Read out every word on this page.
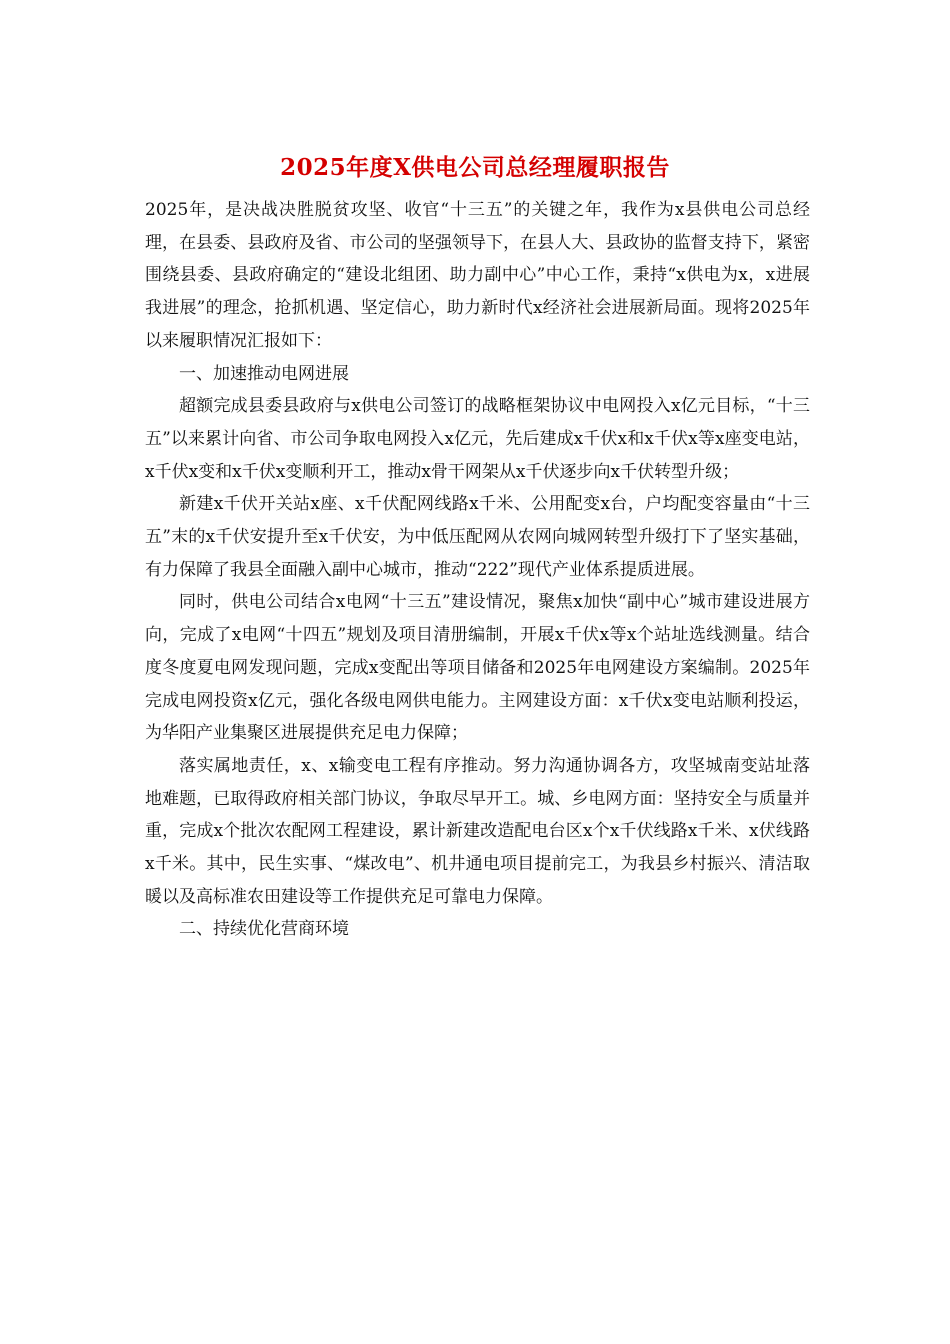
2025年度X供电公司总经理履职报告

2025年，是决战决胜脱贫攻坚、收官“十三五”的关键之年，我作为x县供电公司总经理，在县委、县政府及省、市公司的坚强领导下，在县人大、县政协的监督支持下，紧密围绕县委、县政府确定的“建设北组团、助力副中心”中心工作，秉持“x供电为x，x进展我进展”的理念，抢抓机遇、坚定信心，助力新时代x经济社会进展新局面。现将2025年以来履职情况汇报如下：

一、加速推动电网进展

超额完成县委县政府与x供电公司签订的战略框架协议中电网投入x亿元目标，“十三五”以来累计向省、市公司争取电网投入x亿元，先后建成x千伏x和x千伏x等x座变电站，x千伏x变和x千伏x变顺利开工，推动x骨干网架从x千伏逐步向x千伏转型升级；

新建x千伏开关站x座、x千伏配网线路x千米、公用配变x台，户均配变容量由“十三五”末的x千伏安提升至x千伏安，为中低压配网从农网向城网转型升级打下了坚实基础，有力保障了我县全面融入副中心城市，推动“222”现代产业体系提质进展。

同时，供电公司结合x电网“十三五”建设情况，聚焦x加快“副中心”城市建设进展方向，完成了x电网“十四五”规划及项目清册编制，开展x千伏x等x个站址选线测量。结合度冬度夏电网发现问题，完成x变配出等项目储备和2025年电网建设方案编制。2025年完成电网投资x亿元，强化各级电网供电能力。主网建设方面：x千伏x变电站顺利投运，为华阳产业集聚区进展提供充足电力保障；

落实属地责任，x、x输变电工程有序推动。努力沟通协调各方，攻坚城南变站址落地难题，已取得政府相关部门协议，争取尽早开工。城、乡电网方面：坚持安全与质量并重，完成x个批次农配网工程建设，累计新建改造配电台区x个x千伏线路x千米、x伏线路x千米。其中，民生实事、“煤改电”、机井通电项目提前完工，为我县乡村振兴、清洁取暖以及高标准农田建设等工作提供充足可靠电力保障。

二、持续优化营商环境
